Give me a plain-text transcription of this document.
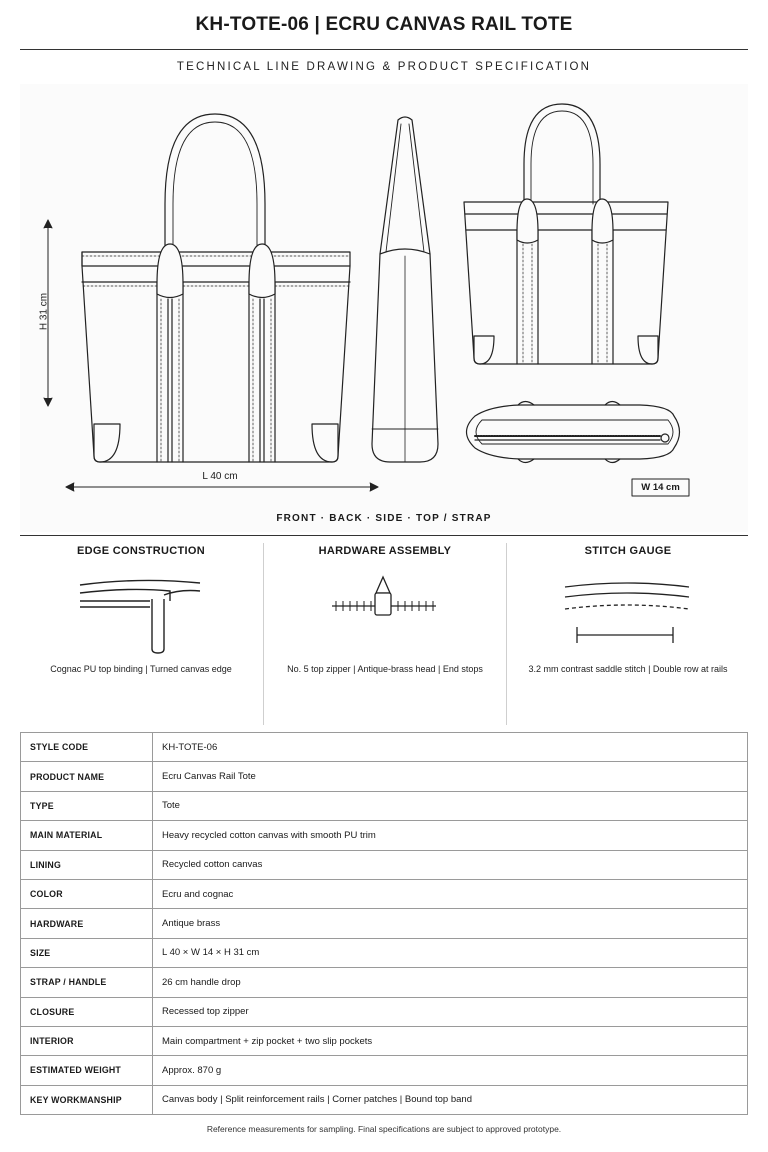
KH-TOTE-06 | ECRU CANVAS RAIL TOTE
TECHNICAL LINE DRAWING & PRODUCT SPECIFICATION
H 31 cm
L 40 cm
W 14 cm
FRONT · BACK · SIDE · TOP / STRAP
EDGE CONSTRUCTION
Cognac PU top binding | Turned canvas edge
HARDWARE ASSEMBLY
No. 5 top zipper | Antique-brass head | End stops
STITCH GAUGE
3.2 mm contrast saddle stitch | Double row at rails
STYLE CODE	KH-TOTE-06
PRODUCT NAME	Ecru Canvas Rail Tote
TYPE	Tote
MAIN MATERIAL	Heavy recycled cotton canvas with smooth PU trim
LINING	Recycled cotton canvas
COLOR	Ecru and cognac
HARDWARE	Antique brass
SIZE	L 40 × W 14 × H 31 cm
STRAP / HANDLE	26 cm handle drop
CLOSURE	Recessed top zipper
INTERIOR	Main compartment + zip pocket + two slip pockets
ESTIMATED WEIGHT	Approx. 870 g
KEY WORKMANSHIP	Canvas body | Split reinforcement rails | Corner patches | Bound top band
Reference measurements for sampling. Final specifications are subject to approved prototype.
